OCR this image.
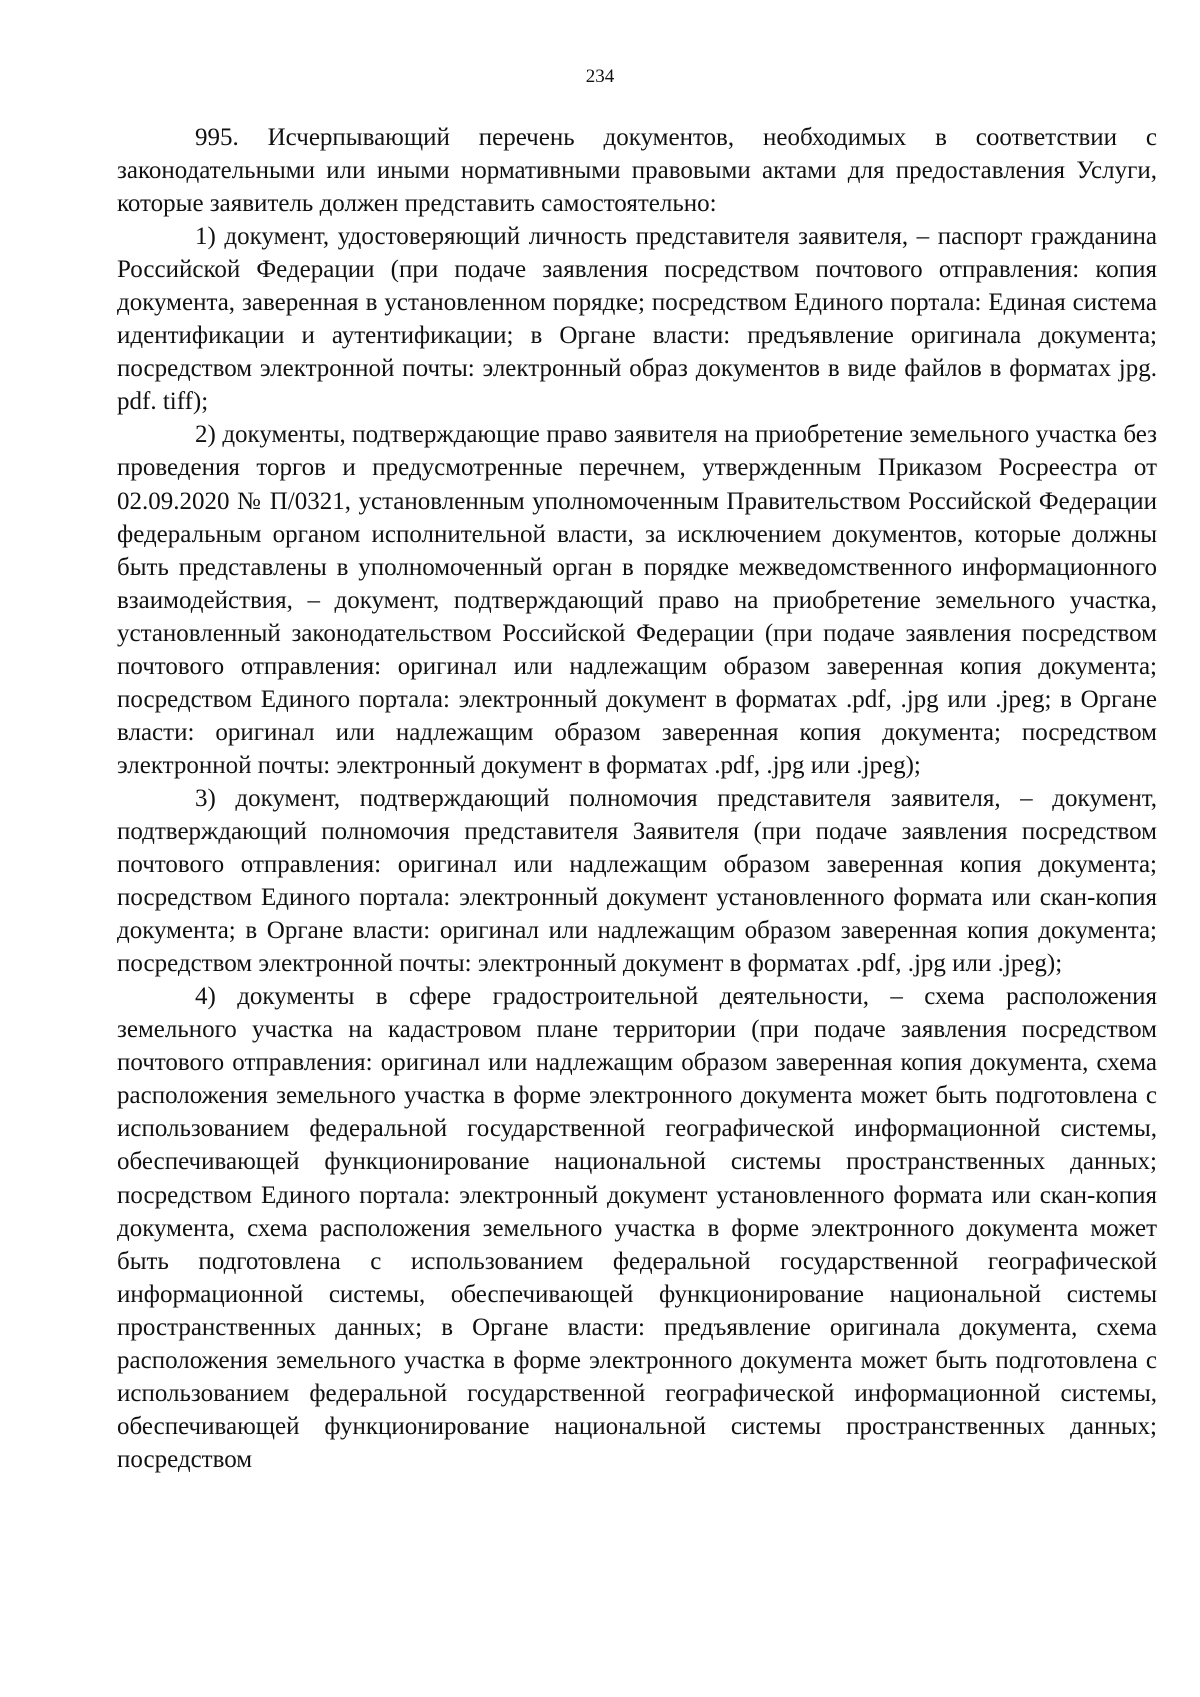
234

995. Исчерпывающий перечень документов, необходимых в соответствии с законодательными или иными нормативными правовыми актами для предоставления Услуги, которые заявитель должен представить самостоятельно:

1) документ, удостоверяющий личность представителя заявителя, – паспорт гражданина Российской Федерации (при подаче заявления посредством почтового отправления: копия документа, заверенная в установленном порядке; посредством Единого портала: Единая система идентификации и аутентификации; в Органе власти: предъявление оригинала документа; посредством электронной почты: электронный образ документов в виде файлов в форматах jpg. pdf. tiff);

2) документы, подтверждающие право заявителя на приобретение земельного участка без проведения торгов и предусмотренные перечнем, утвержденным Приказом Росреестра от 02.09.2020 № П/0321, установленным уполномоченным Правительством Российской Федерации федеральным органом исполнительной власти, за исключением документов, которые должны быть представлены в уполномоченный орган в порядке межведомственного информационного взаимодействия, – документ, подтверждающий право на приобретение земельного участка, установленный законодательством Российской Федерации (при подаче заявления посредством почтового отправления: оригинал или надлежащим образом заверенная копия документа; посредством Единого портала: электронный документ в форматах .pdf, .jpg или .jpeg; в Органе власти: оригинал или надлежащим образом заверенная копия документа; посредством электронной почты: электронный документ в форматах .pdf, .jpg или .jpeg);

3) документ, подтверждающий полномочия представителя заявителя, – документ, подтверждающий полномочия представителя Заявителя (при подаче заявления посредством почтового отправления: оригинал или надлежащим образом заверенная копия документа; посредством Единого портала: электронный документ установленного формата или скан-копия документа; в Органе власти: оригинал или надлежащим образом заверенная копия документа; посредством электронной почты: электронный документ в форматах .pdf, .jpg или .jpeg);

4) документы в сфере градостроительной деятельности, – схема расположения земельного участка на кадастровом плане территории (при подаче заявления посредством почтового отправления: оригинал или надлежащим образом заверенная копия документа, схема расположения земельного участка в форме электронного документа может быть подготовлена с использованием федеральной государственной географической информационной системы, обеспечивающей функционирование национальной системы пространственных данных; посредством Единого портала: электронный документ установленного формата или скан-копия документа, схема расположения земельного участка в форме электронного документа может быть подготовлена с использованием федеральной государственной географической информационной системы, обеспечивающей функционирование национальной системы пространственных данных; в Органе власти: предъявление оригинала документа, схема расположения земельного участка в форме электронного документа может быть подготовлена с использованием федеральной государственной географической информационной системы, обеспечивающей функционирование национальной системы пространственных данных; посредством
